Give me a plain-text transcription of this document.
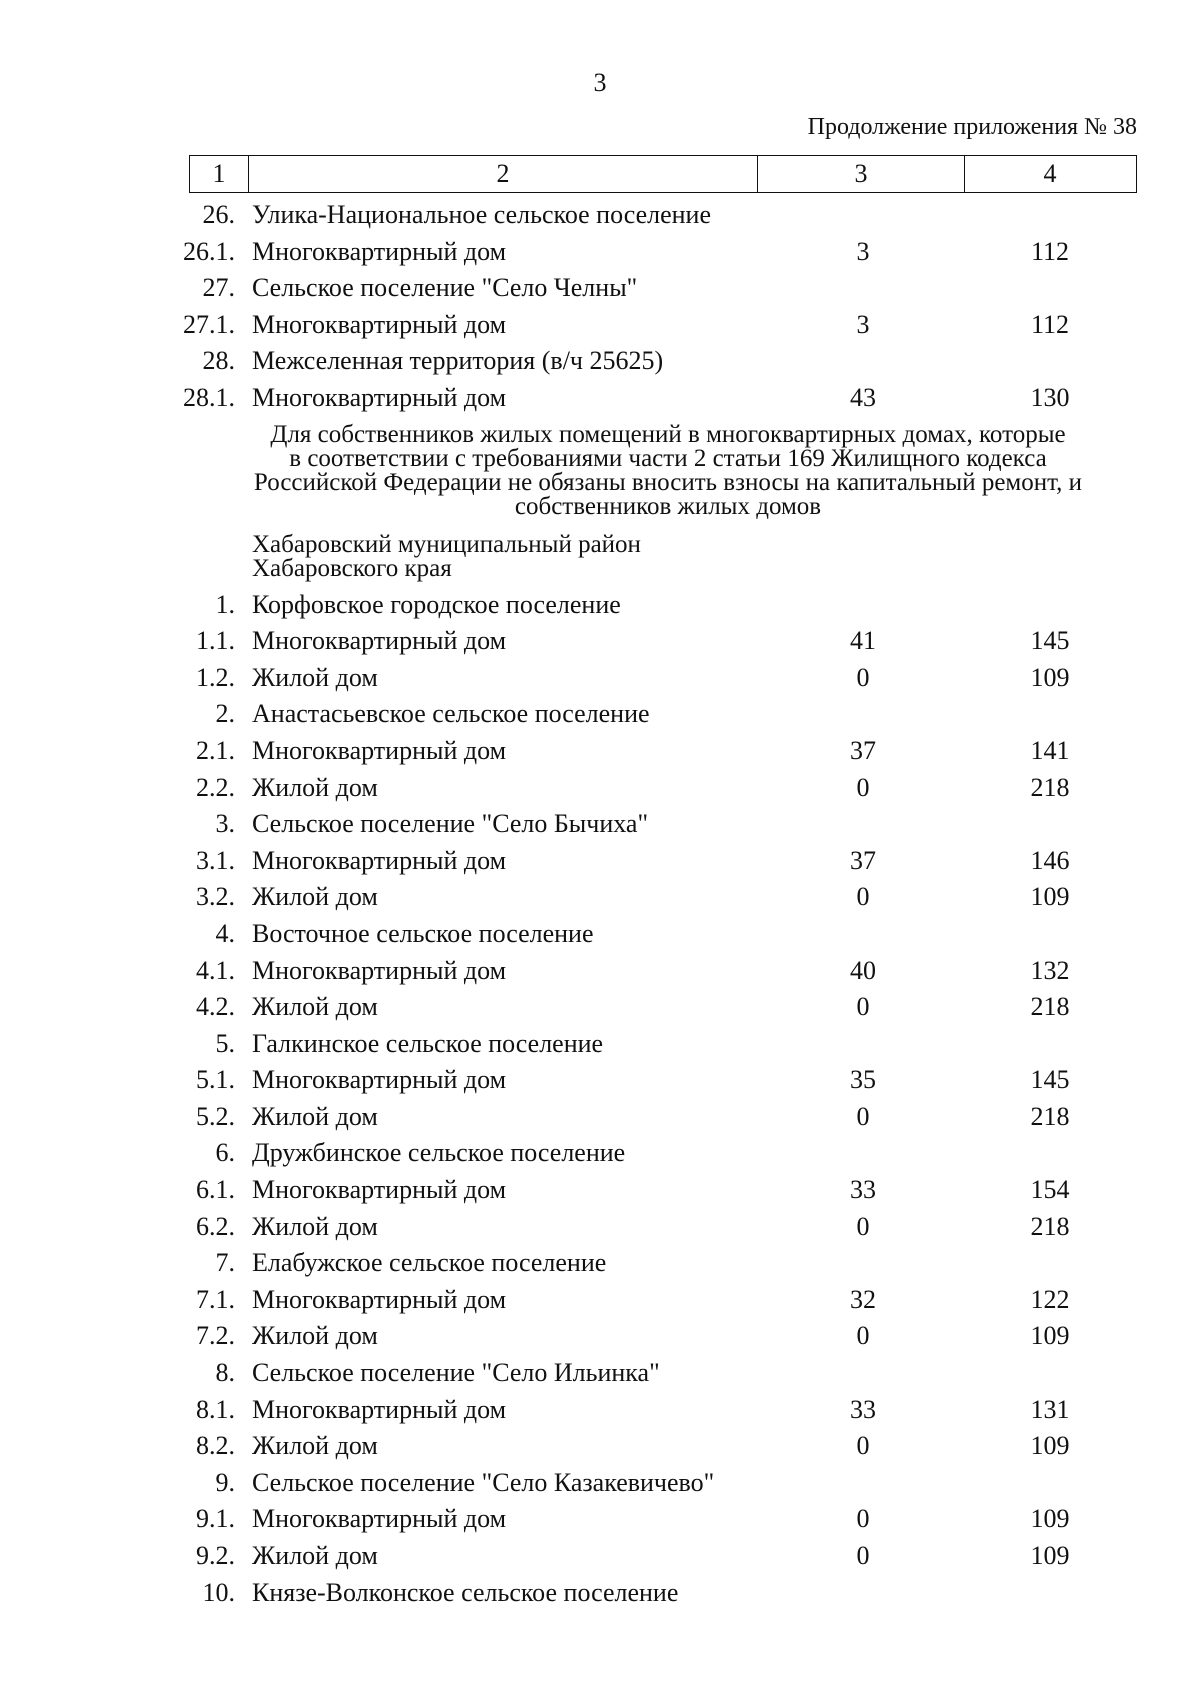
3
Продолжение приложения № 38
1	2	3	4
26. Улика-Национальное сельское поселение
26.1. Многоквартирный дом	3	112
27. Сельское поселение "Село Челны"
27.1. Многоквартирный дом	3	112
28. Межселенная территория (в/ч 25625)
28.1. Многоквартирный дом	43	130
Для собственников жилых помещений в многоквартирных домах, которые
в соответствии с требованиями части 2 статьи 169 Жилищного кодекса
Российской Федерации не обязаны вносить взносы на капитальный ремонт, и
собственников жилых домов
Хабаровский муниципальный район
Хабаровского края
1. Корфовское городское поселение
1.1. Многоквартирный дом	41	145
1.2. Жилой дом	0	109
2. Анастасьевское сельское поселение
2.1. Многоквартирный дом	37	141
2.2. Жилой дом	0	218
3. Сельское поселение "Село Бычиха"
3.1. Многоквартирный дом	37	146
3.2. Жилой дом	0	109
4. Восточное сельское поселение
4.1. Многоквартирный дом	40	132
4.2. Жилой дом	0	218
5. Галкинское сельское поселение
5.1. Многоквартирный дом	35	145
5.2. Жилой дом	0	218
6. Дружбинское сельское поселение
6.1. Многоквартирный дом	33	154
6.2. Жилой дом	0	218
7. Елабужское сельское поселение
7.1. Многоквартирный дом	32	122
7.2. Жилой дом	0	109
8. Сельское поселение "Село Ильинка"
8.1. Многоквартирный дом	33	131
8.2. Жилой дом	0	109
9. Сельское поселение "Село Казакевичево"
9.1. Многоквартирный дом	0	109
9.2. Жилой дом	0	109
10. Князе-Волконское сельское поселение
